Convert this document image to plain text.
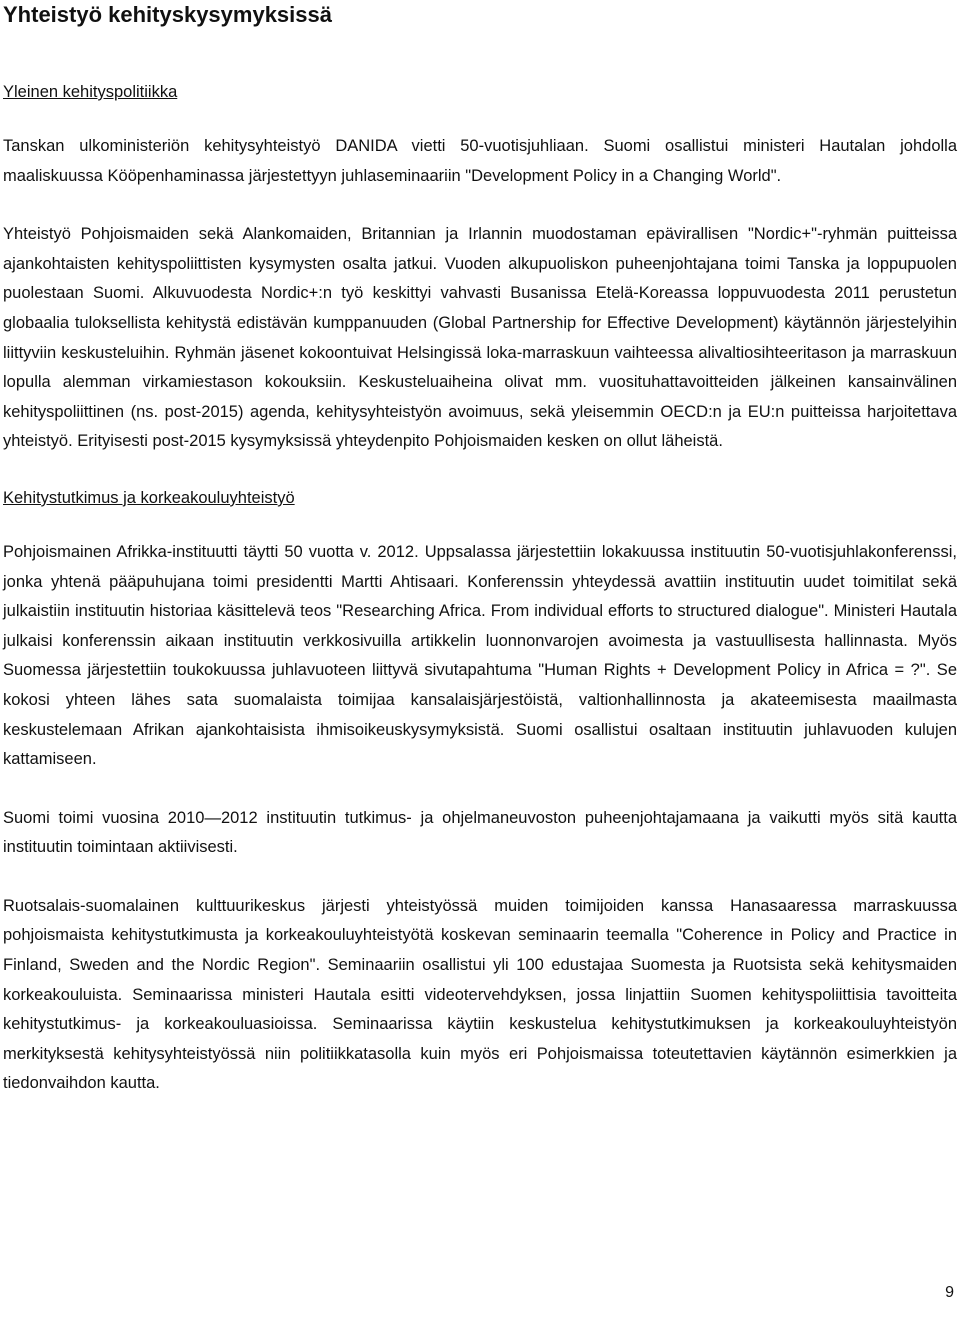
Yhteistyö kehityskysymyksissä

Yleinen kehityspolitiikka

Tanskan ulkoministeriön kehitysyhteistyö DANIDA vietti 50-vuotisjuhliaan. Suomi osallistui ministeri Hautalan johdolla maaliskuussa Kööpenhaminassa järjestettyyn juhlaseminaariin "Development Policy in a Changing World".

Yhteistyö Pohjoismaiden sekä Alankomaiden, Britannian ja Irlannin muodostaman epävirallisen "Nordic+"-ryhmän puitteissa ajankohtaisten kehityspoliittisten kysymysten osalta jatkui. Vuoden alkupuoliskon puheenjohtajana toimi Tanska ja loppupuolen puolestaan Suomi. Alkuvuodesta Nordic+:n työ keskittyi vahvasti Busanissa Etelä-Koreassa loppuvuodesta 2011 perustetun globaalia tuloksellista kehitystä edistävän kumppanuuden (Global Partnership for Effective Development) käytännön järjestelyihin liittyviin keskusteluihin. Ryhmän jäsenet kokoontuivat Helsingissä loka-marraskuun vaihteessa alivaltiosihteeritason ja marraskuun lopulla alemman virkamiestason kokouksiin. Keskusteluaiheina olivat mm. vuosituhattavoitteiden jälkeinen kansainvälinen kehityspoliittinen (ns. post-2015) agenda, kehitysyhteistyön avoimuus, sekä yleisemmin OECD:n ja EU:n puitteissa harjoitettava yhteistyö. Erityisesti post-2015 kysymyksissä yhteydenpito Pohjoismaiden kesken on ollut läheistä.

Kehitystutkimus ja korkeakouluyhteistyö

Pohjoismainen Afrikka-instituutti täytti 50 vuotta v. 2012. Uppsalassa järjestettiin lokakuussa instituutin 50-vuotisjuhlakonferenssi, jonka yhtenä pääpuhujana toimi presidentti Martti Ahtisaari. Konferenssin yhteydessä avattiin instituutin uudet toimitilat sekä julkaistiin instituutin historiaa käsittelevä teos "Researching Africa. From individual efforts to structured dialogue". Ministeri Hautala julkaisi konferenssin aikaan instituutin verkkosivuilla artikkelin luonnonvarojen avoimesta ja vastuullisesta hallinnasta. Myös Suomessa järjestettiin toukokuussa juhlavuoteen liittyvä sivutapahtuma "Human Rights + Development Policy in Africa = ?". Se kokosi yhteen lähes sata suomalaista toimijaa kansalaisjärjestöistä, valtionhallinnosta ja akateemisesta maailmasta keskustelemaan Afrikan ajankohtaisista ihmisoikeuskysymyksistä. Suomi osallistui osaltaan instituutin juhlavuoden kulujen kattamiseen.

Suomi toimi vuosina 2010—2012 instituutin tutkimus- ja ohjelmaneuvoston puheenjohtajamaana ja vaikutti myös sitä kautta instituutin toimintaan aktiivisesti.

Ruotsalais-suomalainen kulttuurikeskus järjesti yhteistyössä muiden toimijoiden kanssa Hanasaaressa marraskuussa pohjoismaista kehitystutkimusta ja korkeakouluyhteistyötä koskevan seminaarin teemalla "Coherence in Policy and Practice in Finland, Sweden and the Nordic Region". Seminaariin osallistui yli 100 edustajaa Suomesta ja Ruotsista sekä kehitysmaiden korkeakouluista. Seminaarissa ministeri Hautala esitti videotervehdyksen, jossa linjattiin Suomen kehityspoliittisia tavoitteita kehitystutkimus- ja korkeakouluasioissa. Seminaarissa käytiin keskustelua kehitystutkimuksen ja korkeakouluyhteistyön merkityksestä kehitysyhteistyössä niin politiikkatasolla kuin myös eri Pohjoismaissa toteutettavien käytännön esimerkkien ja tiedonvaihdon kautta.

9
